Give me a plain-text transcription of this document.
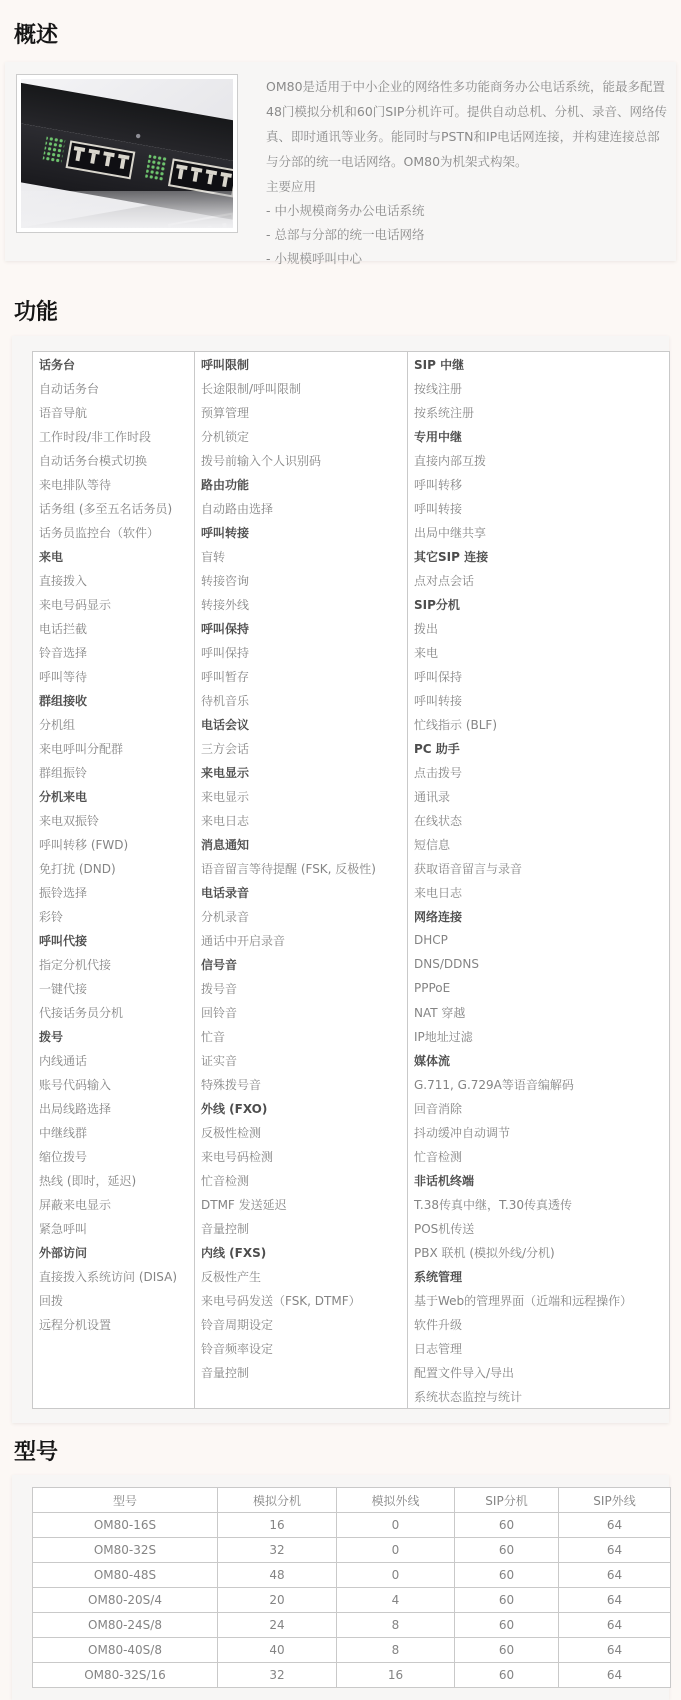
概述
OM80是适用于中小企业的网络性多功能商务办公电话系统，能最多配置
48门模拟分机和60门SIP分机许可。提供自动总机、分机、录音、网络传
真、即时通讯等业务。能同时与PSTN和IP电话网连接，并构建连接总部
与分部的统一电话网络。OM80为机架式构架。
主要应用
- 中小规模商务办公电话系统
- 总部与分部的统一电话网络
- 小规模呼叫中心
功能
话务台	呼叫限制	SIP 中继
自动话务台	长途限制/呼叫限制	按线注册
语音导航	预算管理	按系统注册
工作时段/非工作时段	分机锁定	专用中继
自动话务台模式切换	拨号前输入个人识别码	直接内部互拨
来电排队等待	路由功能	呼叫转移
话务组 (多至五名话务员)	自动路由选择	呼叫转接
话务员监控台（软件）	呼叫转接	出局中继共享
来电	盲转	其它SIP 连接
直接拨入	转接咨询	点对点会话
来电号码显示	转接外线	SIP分机
电话拦截	呼叫保持	拨出
铃音选择	呼叫保持	来电
呼叫等待	呼叫暂存	呼叫保持
群组接收	待机音乐	呼叫转接
分机组	电话会议	忙线指示 (BLF)
来电呼叫分配群	三方会话	PC 助手
群组振铃	来电显示	点击拨号
分机来电	来电显示	通讯录
来电双振铃	来电日志	在线状态
呼叫转移 (FWD)	消息通知	短信息
免打扰 (DND)	语音留言等待提醒 (FSK, 反极性)	获取语音留言与录音
振铃选择	电话录音	来电日志
彩铃	分机录音	网络连接
呼叫代接	通话中开启录音	DHCP
指定分机代接	信号音	DNS/DDNS
一键代接	拨号音	PPPoE
代接话务员分机	回铃音	NAT 穿越
拨号	忙音	IP地址过滤
内线通话	证实音	媒体流
账号代码输入	特殊拨号音	G.711, G.729A等语音编解码
出局线路选择	外线 (FXO)	回音消除
中继线群	反极性检测	抖动缓冲自动调节
缩位拨号	来电号码检测	忙音检测
热线 (即时，延迟)	忙音检测	非话机终端
屏蔽来电显示	DTMF 发送延迟	T.38传真中继，T.30传真透传
紧急呼叫	音量控制	POS机传送
外部访问	内线 (FXS)	PBX 联机 (模拟外线/分机)
直接拨入系统访问 (DISA)	反极性产生	系统管理
回拨	来电号码发送（FSK, DTMF）	基于Web的管理界面（近端和远程操作）
远程分机设置	铃音周期设定	软件升级
	铃音频率设定	日志管理
	音量控制	配置文件导入/导出
		系统状态监控与统计
型号
型号	模拟分机	模拟外线	SIP分机	SIP外线
OM80-16S	16	0	60	64
OM80-32S	32	0	60	64
OM80-48S	48	0	60	64
OM80-20S/4	20	4	60	64
OM80-24S/8	24	8	60	64
OM80-40S/8	40	8	60	64
OM80-32S/16	32	16	60	64
